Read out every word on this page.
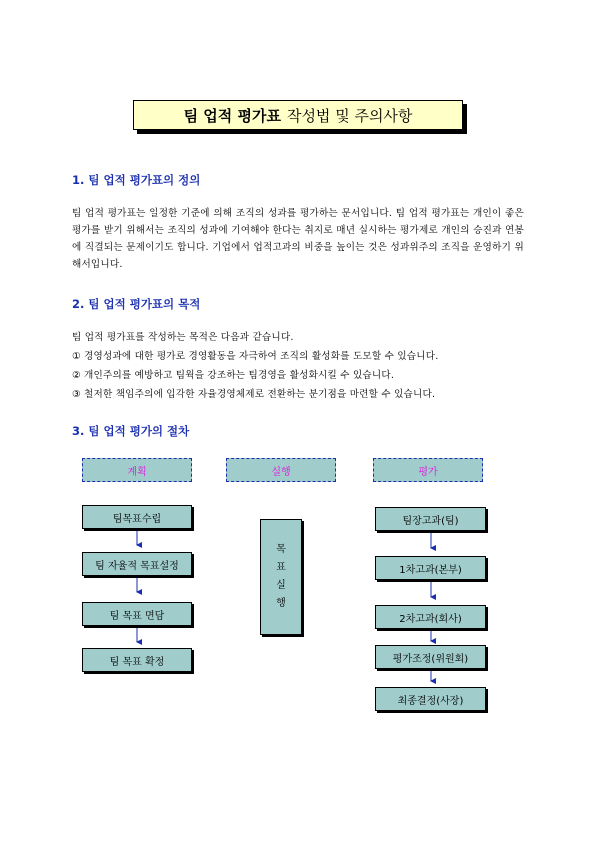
팀 업적 평가표 작성법 및 주의사항
1. 팀 업적 평가표의 정의
팀 업적 평가표는 일정한 기준에 의해 조직의 성과를 평가하는 문서입니다. 팀 업적 평가표는 개인이 좋은 평가를 받기 위해서는 조직의 성과에 기여해야 한다는 취지로 매년 실시하는 평가제로 개인의 승진과 연봉에 직결되는 문제이기도 합니다. 기업에서 업적고과의 비중을 높이는 것은 성과위주의 조직을 운영하기 위해서입니다.
2. 팀 업적 평가표의 목적
팀 업적 평가표를 작성하는 목적은 다음과 같습니다.
① 경영성과에 대한 평가로 경영활동을 자극하여 조직의 활성화를 도모할 수 있습니다.
② 개인주의를 예방하고 팀웍을 강조하는 팀경영을 활성화시킬 수 있습니다.
③ 철저한 책임주의에 입각한 자율경영체제로 전환하는 분기점을 마련할 수 있습니다.
3. 팀 업적 평가의 절차
계획	실행	평가
팀목표수립
팀 자율적 목표설정
팀 목표 면담
팀 목표 확정
목
표
실
행
팀장고과(팀)
1차고과(본부)
2차고과(회사)
평가조정(위원회)
최종결정(사장)
